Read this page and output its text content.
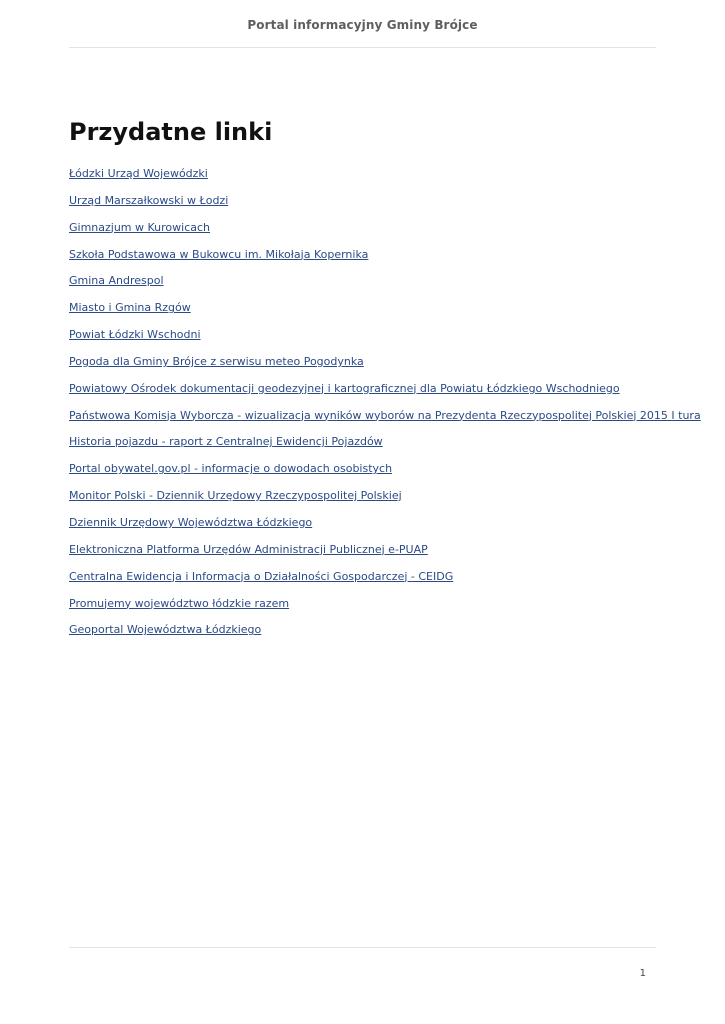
Portal informacyjny Gminy Brójce
Przydatne linki
Łódzki Urząd Wojewódzki
Urząd Marszałkowski w Łodzi
Gimnazjum w Kurowicach
Szkoła Podstawowa w Bukowcu im. Mikołaja Kopernika
Gmina Andrespol
Miasto i Gmina Rzgów
Powiat Łódzki Wschodni
Pogoda dla Gminy Brójce z serwisu meteo Pogodynka
Powiatowy Ośrodek dokumentacji geodezyjnej i kartograficznej dla Powiatu Łódzkiego Wschodniego
Państwowa Komisja Wyborcza - wizualizacja wyników wyborów na Prezydenta Rzeczypospolitej Polskiej 2015 I tura
Historia pojazdu - raport z Centralnej Ewidencji Pojazdów
Portal obywatel.gov.pl - informacje o dowodach osobistych
Monitor Polski - Dziennik Urzędowy Rzeczypospolitej Polskiej
Dziennik Urzędowy Województwa Łódzkiego
Elektroniczna Platforma Urzędów Administracji Publicznej e-PUAP
Centralna Ewidencja i Informacja o Działalności Gospodarczej - CEIDG
Promujemy województwo łódzkie razem
Geoportal Województwa Łódzkiego
1
